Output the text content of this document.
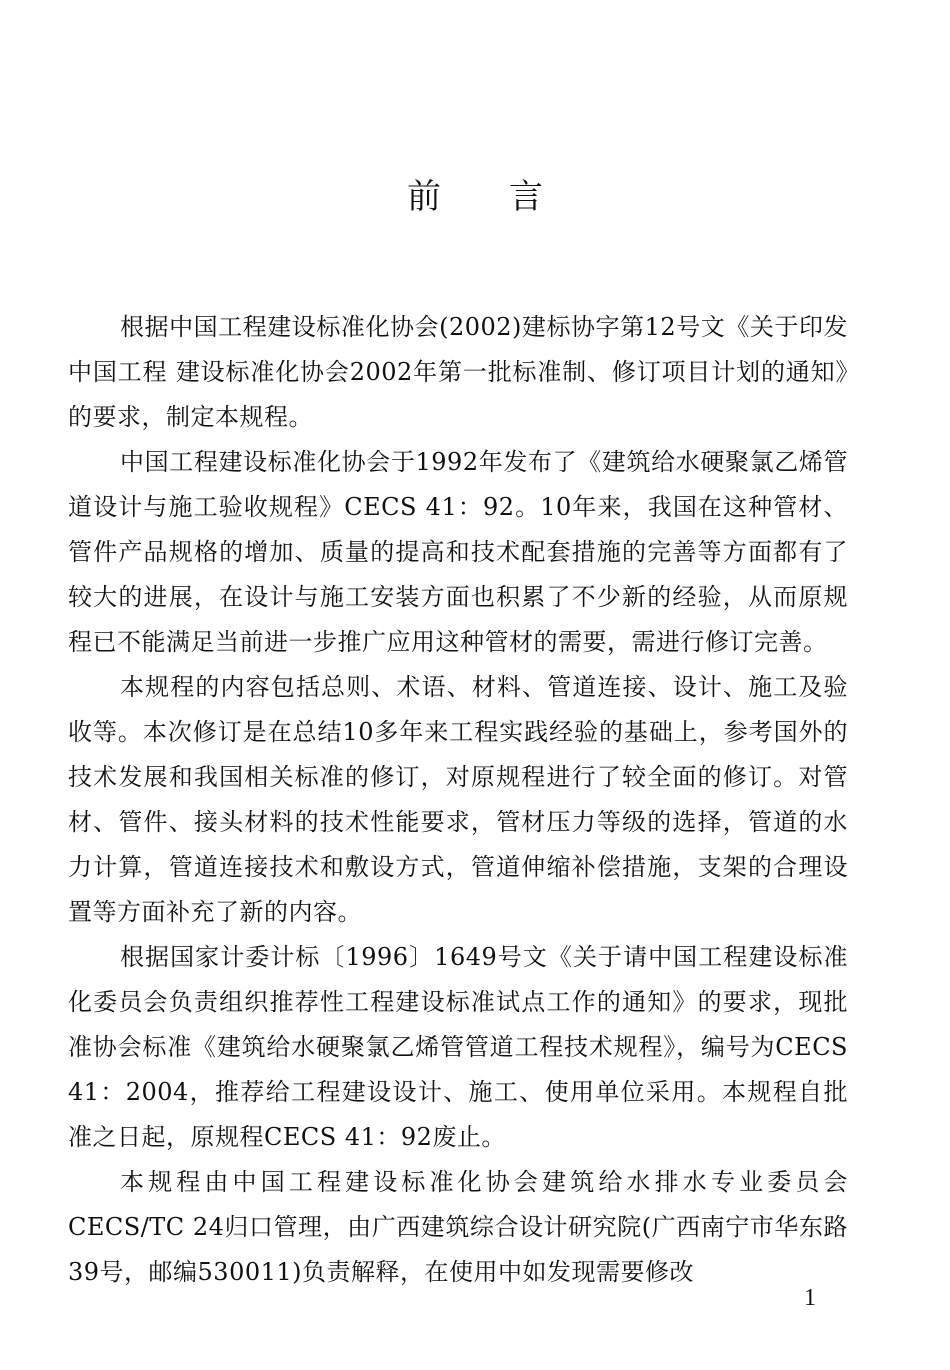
前言

根据中国工程建设标准化协会(2002)建标协字第12号文《关于印发中国工程 建设标准化协会2002年第一批标准制、修订项目计划的通知》的要求，制定本规程。

中国工程建设标准化协会于1992年发布了《建筑给水硬聚氯乙烯管道设计与施工验收规程》CECS 41：92。10年来，我国在这种管材、管件产品规格的增加、质量的提高和技术配套措施的完善等方面都有了较大的进展，在设计与施工安装方面也积累了不少新的经验，从而原规程已不能满足当前进一步推广应用这种管材的需要，需进行修订完善。

本规程的内容包括总则、术语、材料、管道连接、设计、施工及验收等。本次修订是在总结10多年来工程实践经验的基础上，参考国外的技术发展和我国相关标准的修订，对原规程进行了较全面的修订。对管材、管件、接头材料的技术性能要求，管材压力等级的选择，管道的水力计算，管道连接技术和敷设方式，管道伸缩补偿措施，支架的合理设置等方面补充了新的内容。

根据国家计委计标〔1996〕1649号文《关于请中国工程建设标准化委员会负责组织推荐性工程建设标准试点工作的通知》的要求，现批准协会标准《建筑给水硬聚氯乙烯管管道工程技术规程》，编号为CECS 41：2004，推荐给工程建设设计、施工、使用单位采用。本规程自批准之日起，原规程CECS 41：92废止。

本规程由中国工程建设标准化协会建筑给水排水专业委员会CECS/TC 24归口管理，由广西建筑综合设计研究院(广西南宁市华东路39号，邮编530011)负责解释，在使用中如发现需要修改

1
